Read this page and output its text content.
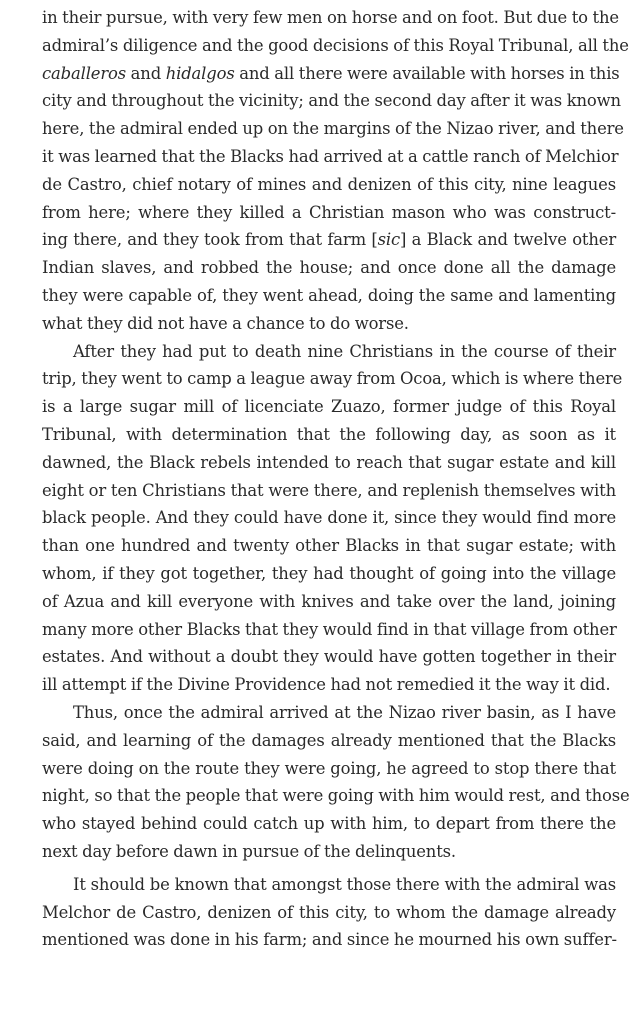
in their pursue, with very few men on horse and on foot. But due to the
admiral’s diligence and the good decisions of this Royal Tribunal, all the
caballeros and hidalgos and all there were available with horses in this
city and throughout the vicinity; and the second day after it was known
here, the admiral ended up on the margins of the Nizao river, and there
it was learned that the Blacks had arrived at a cattle ranch of Melchior
de Castro, chief notary of mines and denizen of this city, nine leagues
from here; where they killed a Christian mason who was construct-
ing there, and they took from that farm [sic] a Black and twelve other
Indian slaves, and robbed the house; and once done all the damage
they were capable of, they went ahead, doing the same and lamenting
what they did not have a chance to do worse.
After they had put to death nine Christians in the course of their
trip, they went to camp a league away from Ocoa, which is where there
is a large sugar mill of licenciate Zuazo, former judge of this Royal
Tribunal, with determination that the following day, as soon as it
dawned, the Black rebels intended to reach that sugar estate and kill
eight or ten Christians that were there, and replenish themselves with
black people. And they could have done it, since they would find more
than one hundred and twenty other Blacks in that sugar estate; with
whom, if they got together, they had thought of going into the village
of Azua and kill everyone with knives and take over the land, joining
many more other Blacks that they would find in that village from other
estates. And without a doubt they would have gotten together in their
ill attempt if the Divine Providence had not remedied it the way it did.
Thus, once the admiral arrived at the Nizao river basin, as I have
said, and learning of the damages already mentioned that the Blacks
were doing on the route they were going, he agreed to stop there that
night, so that the people that were going with him would rest, and those
who stayed behind could catch up with him, to depart from there the
next day before dawn in pursue of the delinquents.
It should be known that amongst those there with the admiral was
Melchor de Castro, denizen of this city, to whom the damage already
mentioned was done in his farm; and since he mourned his own suffer-
